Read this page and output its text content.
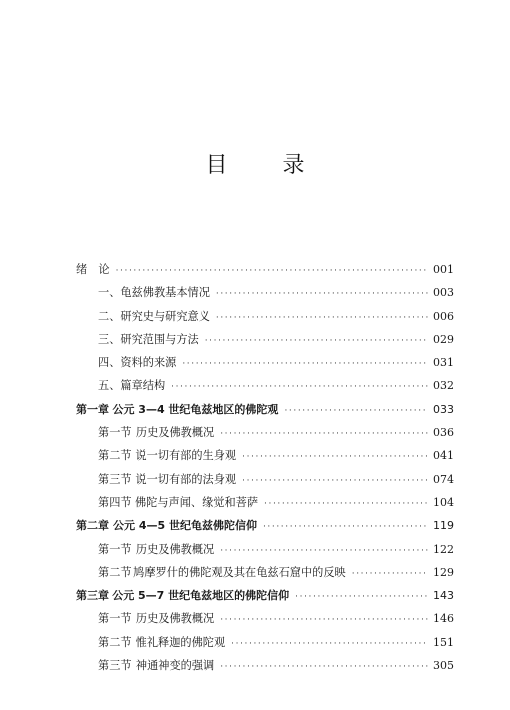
目 录
绪　论 ·····	001
一、龟兹佛教基本情况 ·····	003
二、研究史与研究意义 ·····	006
三、研究范围与方法 ·····	029
四、资料的来源 ·····	031
五、篇章结构 ·····	032
第一章 公元 3—4 世纪龟兹地区的佛陀观 ·····	033
第一节 历史及佛教概况 ·····	036
第二节 说一切有部的生身观 ·····	041
第三节 说一切有部的法身观 ·····	074
第四节 佛陀与声闻、缘觉和菩萨 ·····	104
第二章 公元 4—5 世纪龟兹佛陀信仰 ·····	119
第一节 历史及佛教概况 ·····	122
第二节 鸠摩罗什的佛陀观及其在龟兹石窟中的反映 ·····	129
第三章 公元 5—7 世纪龟兹地区的佛陀信仰 ·····	143
第一节 历史及佛教概况 ·····	146
第二节 惟礼释迦的佛陀观 ·····	151
第三节 神通神变的强调 ·····	305
